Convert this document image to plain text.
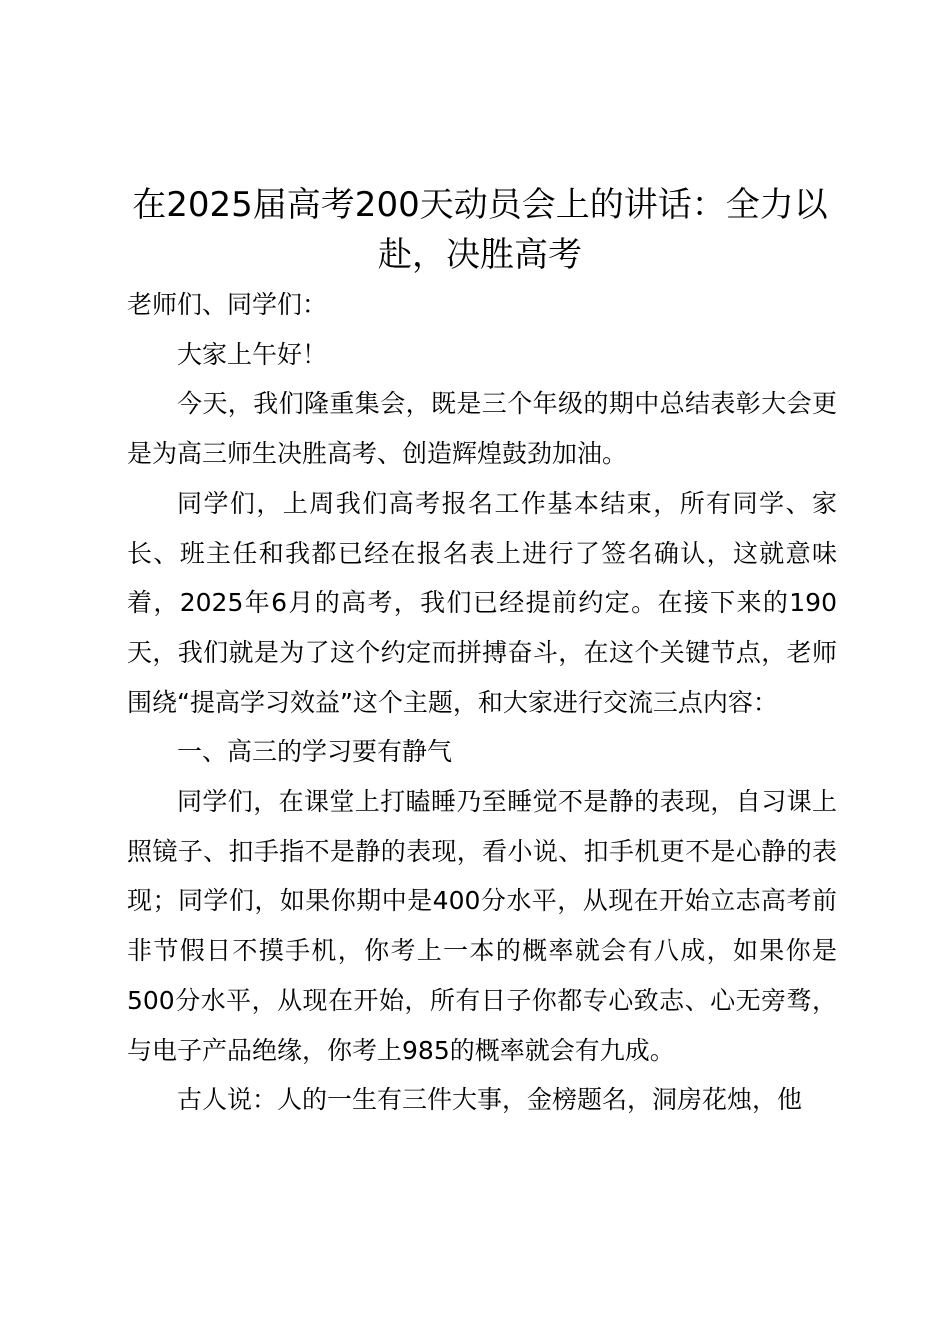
在2025届高考200天动员会上的讲话：全力以赴，决胜高考

老师们、同学们：

大家上午好！

今天，我们隆重集会，既是三个年级的期中总结表彰大会更是为高三师生决胜高考、创造辉煌鼓劲加油。

同学们，上周我们高考报名工作基本结束，所有同学、家长、班主任和我都已经在报名表上进行了签名确认，这就意味着，2025年6月的高考，我们已经提前约定。在接下来的190天，我们就是为了这个约定而拼搏奋斗，在这个关键节点，老师围绕“提高学习效益”这个主题，和大家进行交流三点内容：

一、高三的学习要有静气

同学们，在课堂上打瞌睡乃至睡觉不是静的表现，自习课上照镜子、扣手指不是静的表现，看小说、扣手机更不是心静的表现；同学们，如果你期中是400分水平，从现在开始立志高考前非节假日不摸手机，你考上一本的概率就会有八成，如果你是500分水平，从现在开始，所有日子你都专心致志、心无旁骛，与电子产品绝缘，你考上985的概率就会有九成。

古人说：人的一生有三件大事，金榜题名，洞房花烛，他
